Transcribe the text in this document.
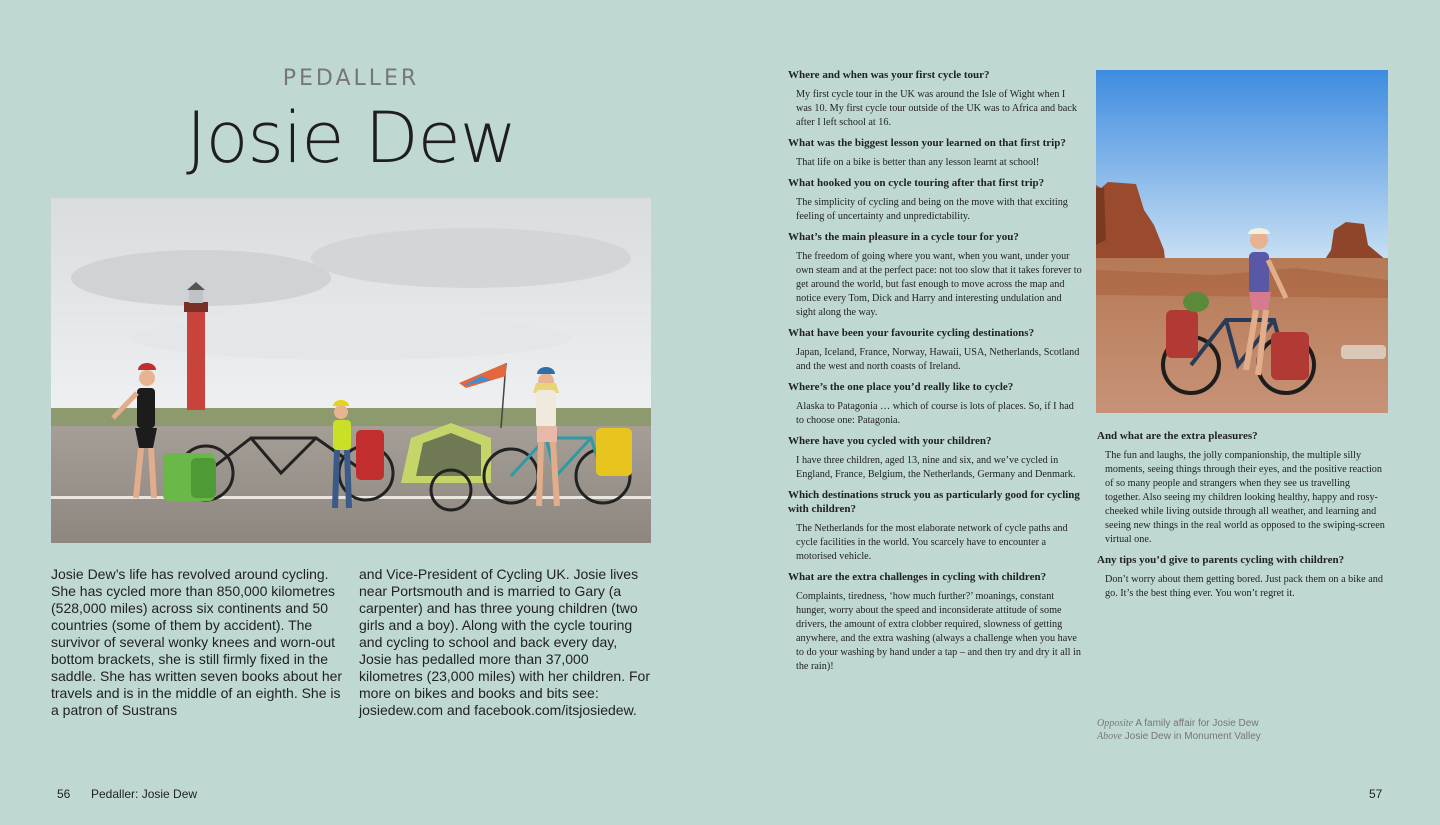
PEDALLER
Josie Dew
Josie Dew’s life has revolved around cycling. She has cycled more than 850,000 kilometres (528,000 miles) across six continents and 50 countries (some of them by accident). The survivor of several wonky knees and worn-out bottom brackets, she is still firmly fixed in the saddle. She has written seven books about her travels and is in the middle of an eighth. She is a patron of Sustrans
and Vice-President of Cycling UK. Josie lives near Portsmouth and is married to Gary (a carpenter) and has three young children (two girls and a boy). Along with the cycle touring and cycling to school and back every day, Josie has pedalled more than 37,000 kilometres (23,000 miles) with her children. For more on bikes and books and bits see: josiedew.com and facebook.com/itsjosiedew.
56 Pedaller: Josie Dew

Where and when was your first cycle tour?

My first cycle tour in the UK was around the Isle of Wight when I was 10. My first cycle tour outside of the UK was to Africa and back after I left school at 16.

What was the biggest lesson your learned on that first trip?

That life on a bike is better than any lesson learnt at school!

What hooked you on cycle touring after that first trip?

The simplicity of cycling and being on the move with that exciting feeling of uncertainty and unpredictability.

What’s the main pleasure in a cycle tour for you?

The freedom of going where you want, when you want, under your own steam and at the perfect pace: not too slow that it takes forever to get around the world, but fast enough to move across the map and notice every Tom, Dick and Harry and interesting undulation and sight along the way.

What have been your favourite cycling destinations?

Japan, Iceland, France, Norway, Hawaii, USA, Netherlands, Scotland and the west and north coasts of Ireland.

Where’s the one place you’d really like to cycle?

Alaska to Patagonia … which of course is lots of places. So, if I had to choose one: Patagonia.

Where have you cycled with your children?

I have three children, aged 13, nine and six, and we’ve cycled in England, France, Belgium, the Netherlands, Germany and Denmark.

Which destinations struck you as particularly good for cycling with children?

The Netherlands for the most elaborate network of cycle paths and cycle facilities in the world. You scarcely have to encounter a motorised vehicle.

What are the extra challenges in cycling with children?

Complaints, tiredness, ‘how much further?’ moanings, constant hunger, worry about the speed and inconsiderate attitude of some drivers, the amount of extra clobber required, slowness of getting anywhere, and the extra washing (always a challenge when you have to do your washing by hand under a tap – and then try and dry it all in the rain)!

And what are the extra pleasures?

The fun and laughs, the jolly companionship, the multiple silly moments, seeing things through their eyes, and the positive reaction of so many people and strangers when they see us travelling together. Also seeing my children looking healthy, happy and rosy-cheeked while living outside through all weather, and learning and seeing new things in the real world as opposed to the swiping-screen virtual one.

Any tips you’d give to parents cycling with children?

Don’t worry about them getting bored. Just pack them on a bike and go. It’s the best thing ever. You won’t regret it.

Opposite A family affair for Josie Dew
Above Josie Dew in Monument Valley
57
